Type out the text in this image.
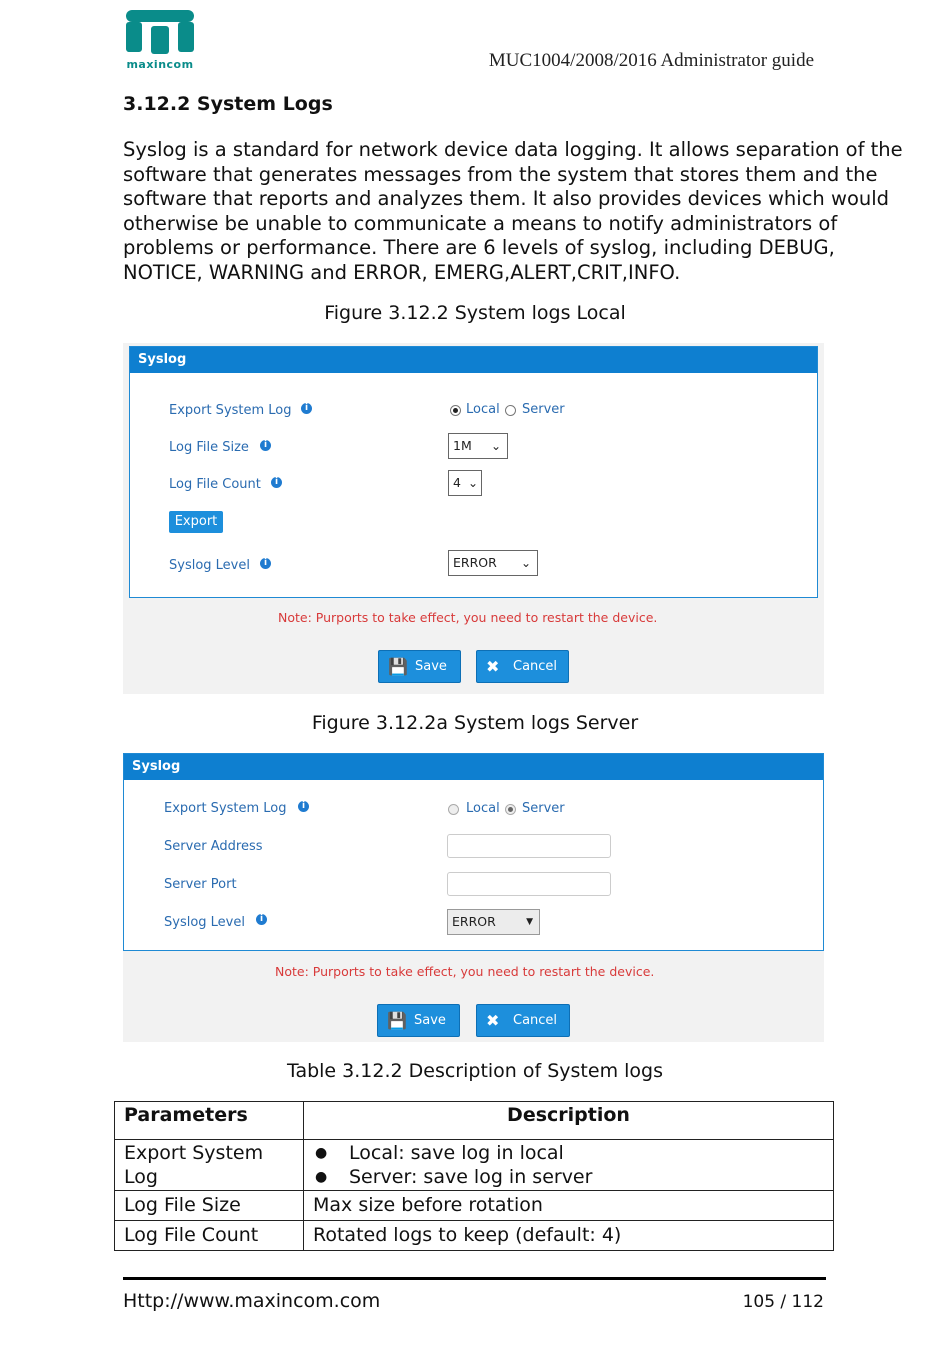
maxincom	MUC1004/2008/2016 Administrator guide
3.12.2 System Logs
Syslog is a standard for network device data logging. It allows separation of the
software that generates messages from the system that stores them and the
software that reports and analyzes them. It also provides devices which would
otherwise be unable to communicate a means to notify administrators of
problems or performance. There are 6 levels of syslog, including DEBUG,
NOTICE, WARNING and ERROR, EMERG,ALERT,CRIT,INFO.
Figure 3.12.2 System logs Local
Syslog
Export System Log	i	Local Server
Log File Size	i	1M ⌄
Log File Count	i	4 ⌄
Export
Syslog Level	i	ERROR ⌄
Note: Purports to take effect, you need to restart the device.
💾 Save ✖ Cancel
Figure 3.12.2a System logs Server
Syslog
Export System Log	i	Local Server
Server Address
Server Port
Syslog Level	i	ERROR	▼
Note: Purports to take effect, you need to restart the device.
💾 Save	✖ Cancel
Table 3.12.2 Description of System logs
Parameters	Description
Export System Log	● Local: save log in local
● Server: save log in server

Log File Size	Max size before rotation
Log File Count	Rotated logs to keep (default: 4)
Http://www.maxincom.com	105 / 112
